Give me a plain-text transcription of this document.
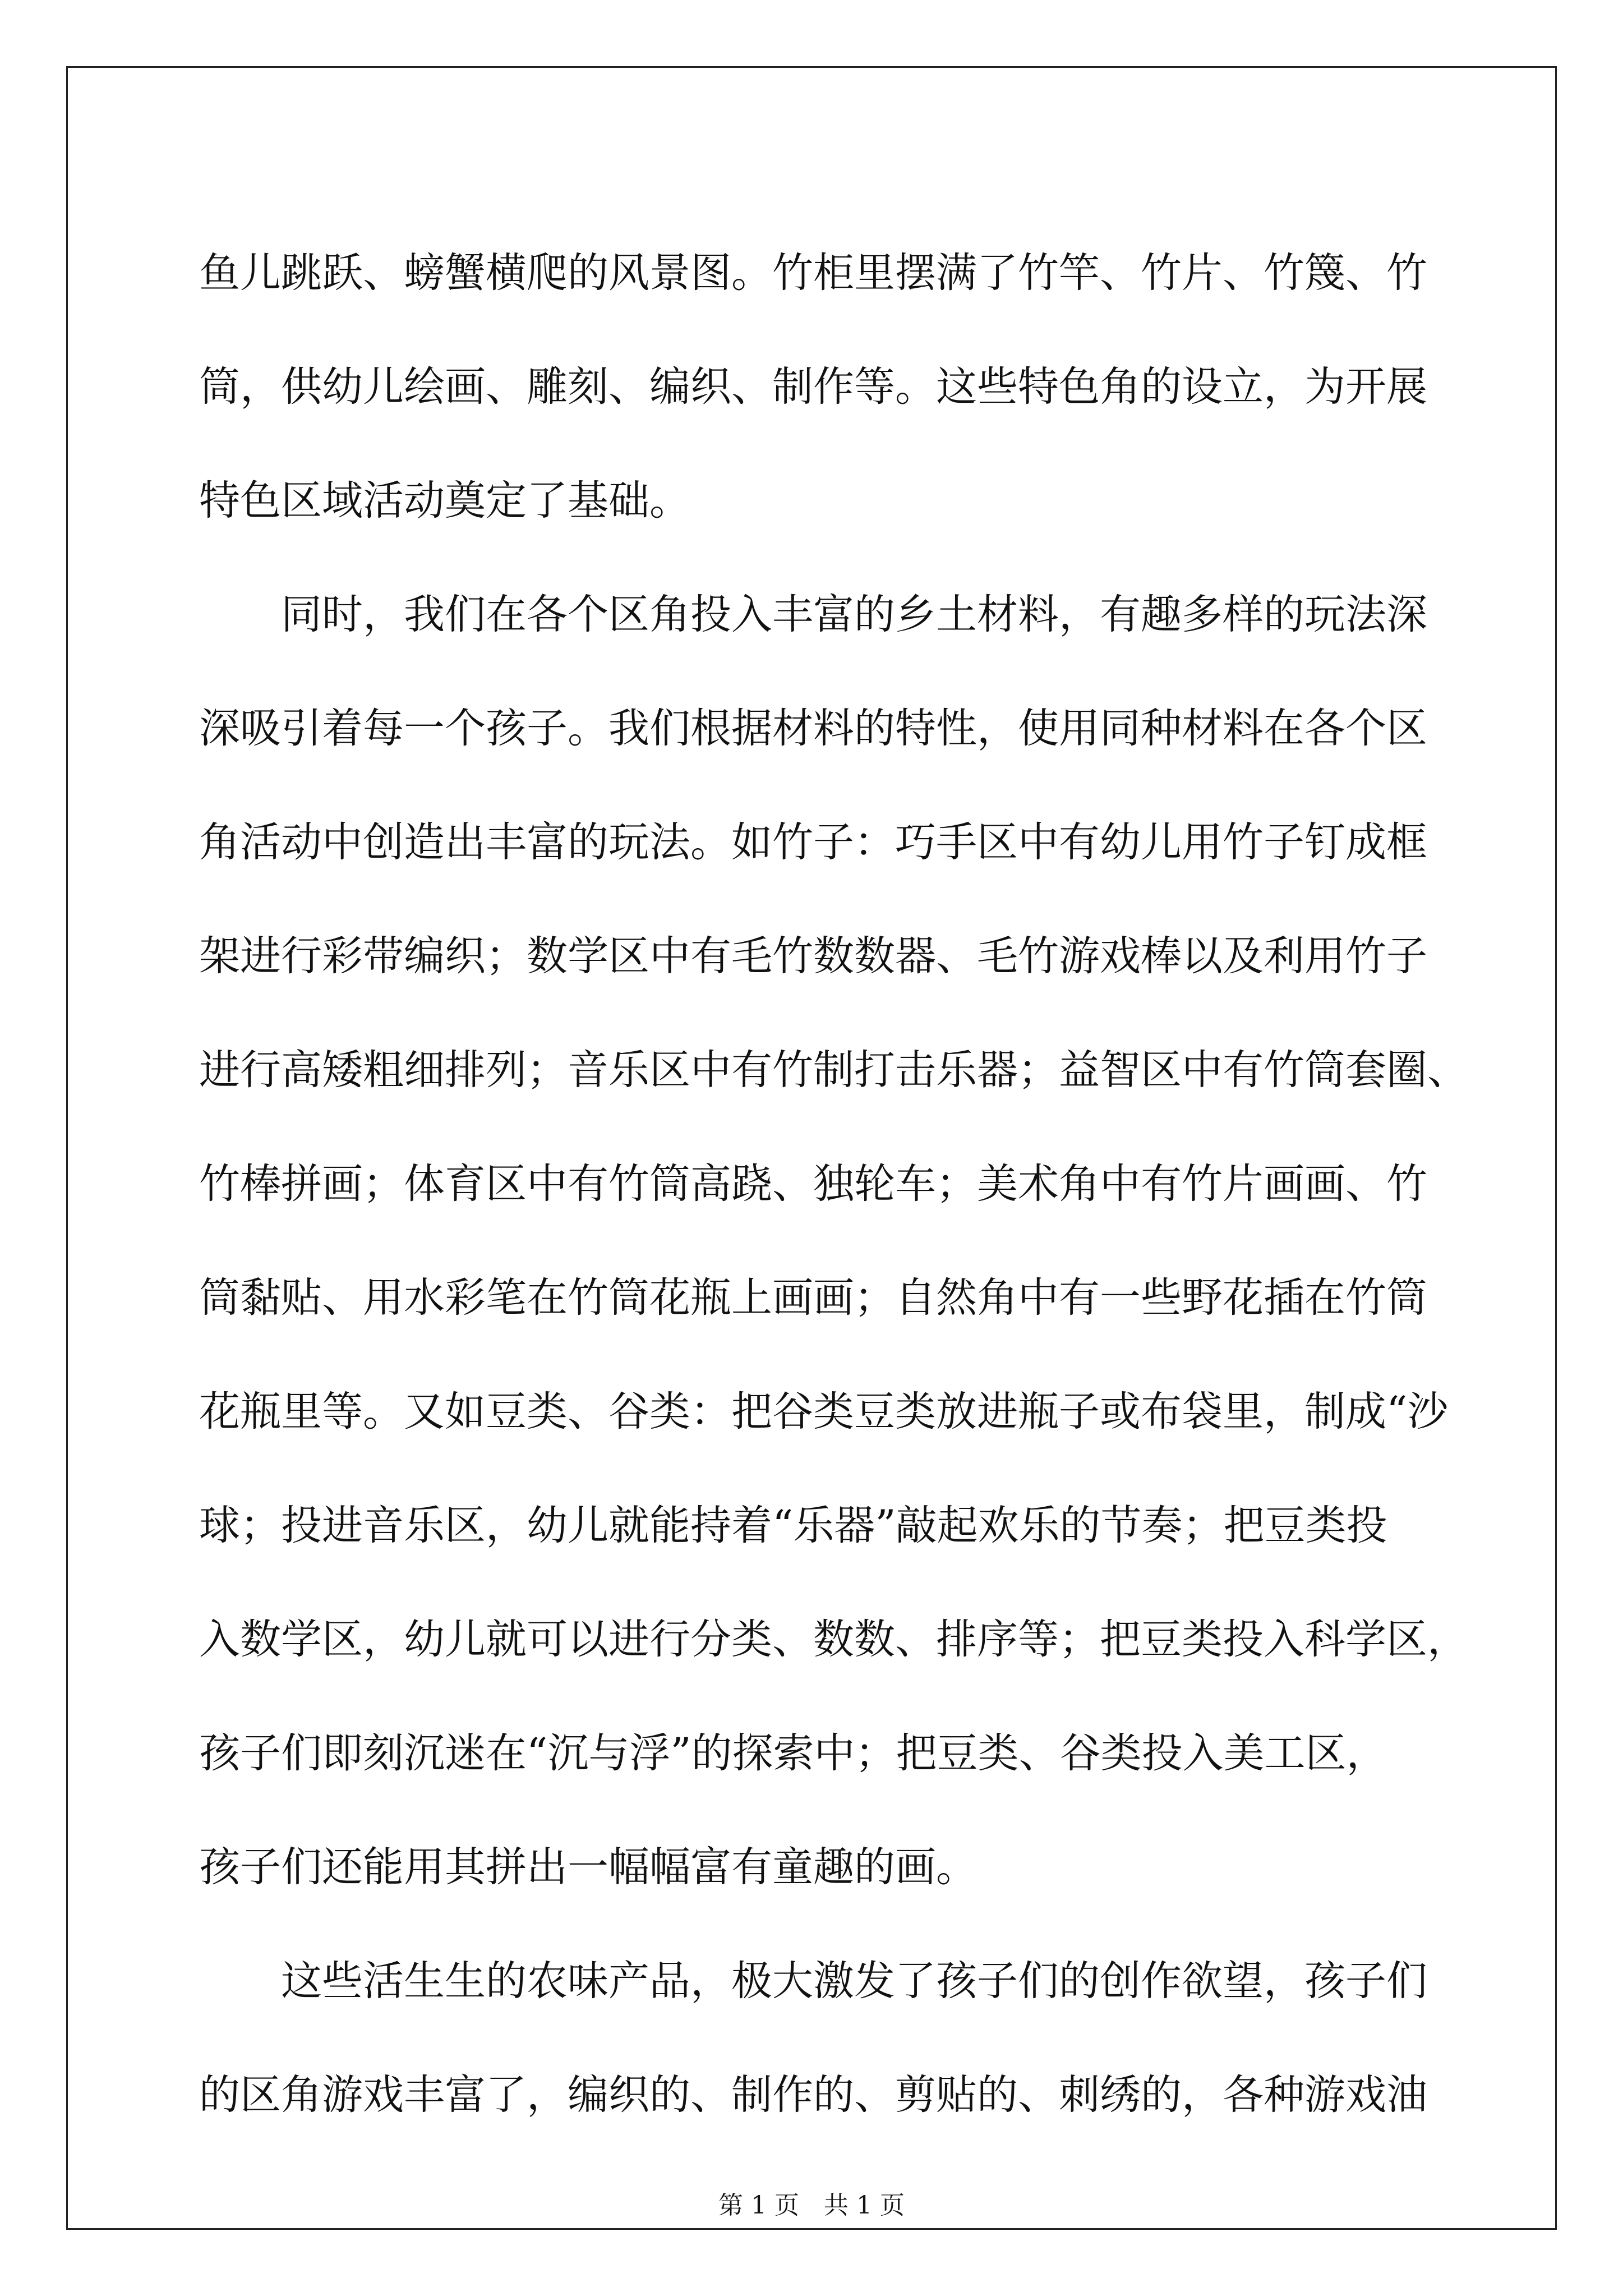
鱼儿跳跃、螃蟹横爬的风景图。竹柜里摆满了竹竿、竹片、竹篾、竹
筒，供幼儿绘画、雕刻、编织、制作等。这些特色角的设立，为开展
特色区域活动奠定了基础。
　　同时，我们在各个区角投入丰富的乡土材料，有趣多样的玩法深
深吸引着每一个孩子。我们根据材料的特性，使用同种材料在各个区
角活动中创造出丰富的玩法。如竹子：巧手区中有幼儿用竹子钉成框
架进行彩带编织；数学区中有毛竹数数器、毛竹游戏棒以及利用竹子
进行高矮粗细排列；音乐区中有竹制打击乐器；益智区中有竹筒套圈、
竹棒拼画；体育区中有竹筒高跷、独轮车；美术角中有竹片画画、竹
筒黏贴、用水彩笔在竹筒花瓶上画画；自然角中有一些野花插在竹筒
花瓶里等。又如豆类、谷类：把谷类豆类放进瓶子或布袋里，制成“沙
球；投进音乐区，幼儿就能持着“乐器”敲起欢乐的节奏；把豆类投
入数学区，幼儿就可以进行分类、数数、排序等；把豆类投入科学区，
孩子们即刻沉迷在“沉与浮”的探索中；把豆类、谷类投入美工区，
孩子们还能用其拼出一幅幅富有童趣的画。
　　这些活生生的农味产品，极大激发了孩子们的创作欲望，孩子们
的区角游戏丰富了，编织的、制作的、剪贴的、刺绣的，各种游戏油
第 1 页　共 1 页
